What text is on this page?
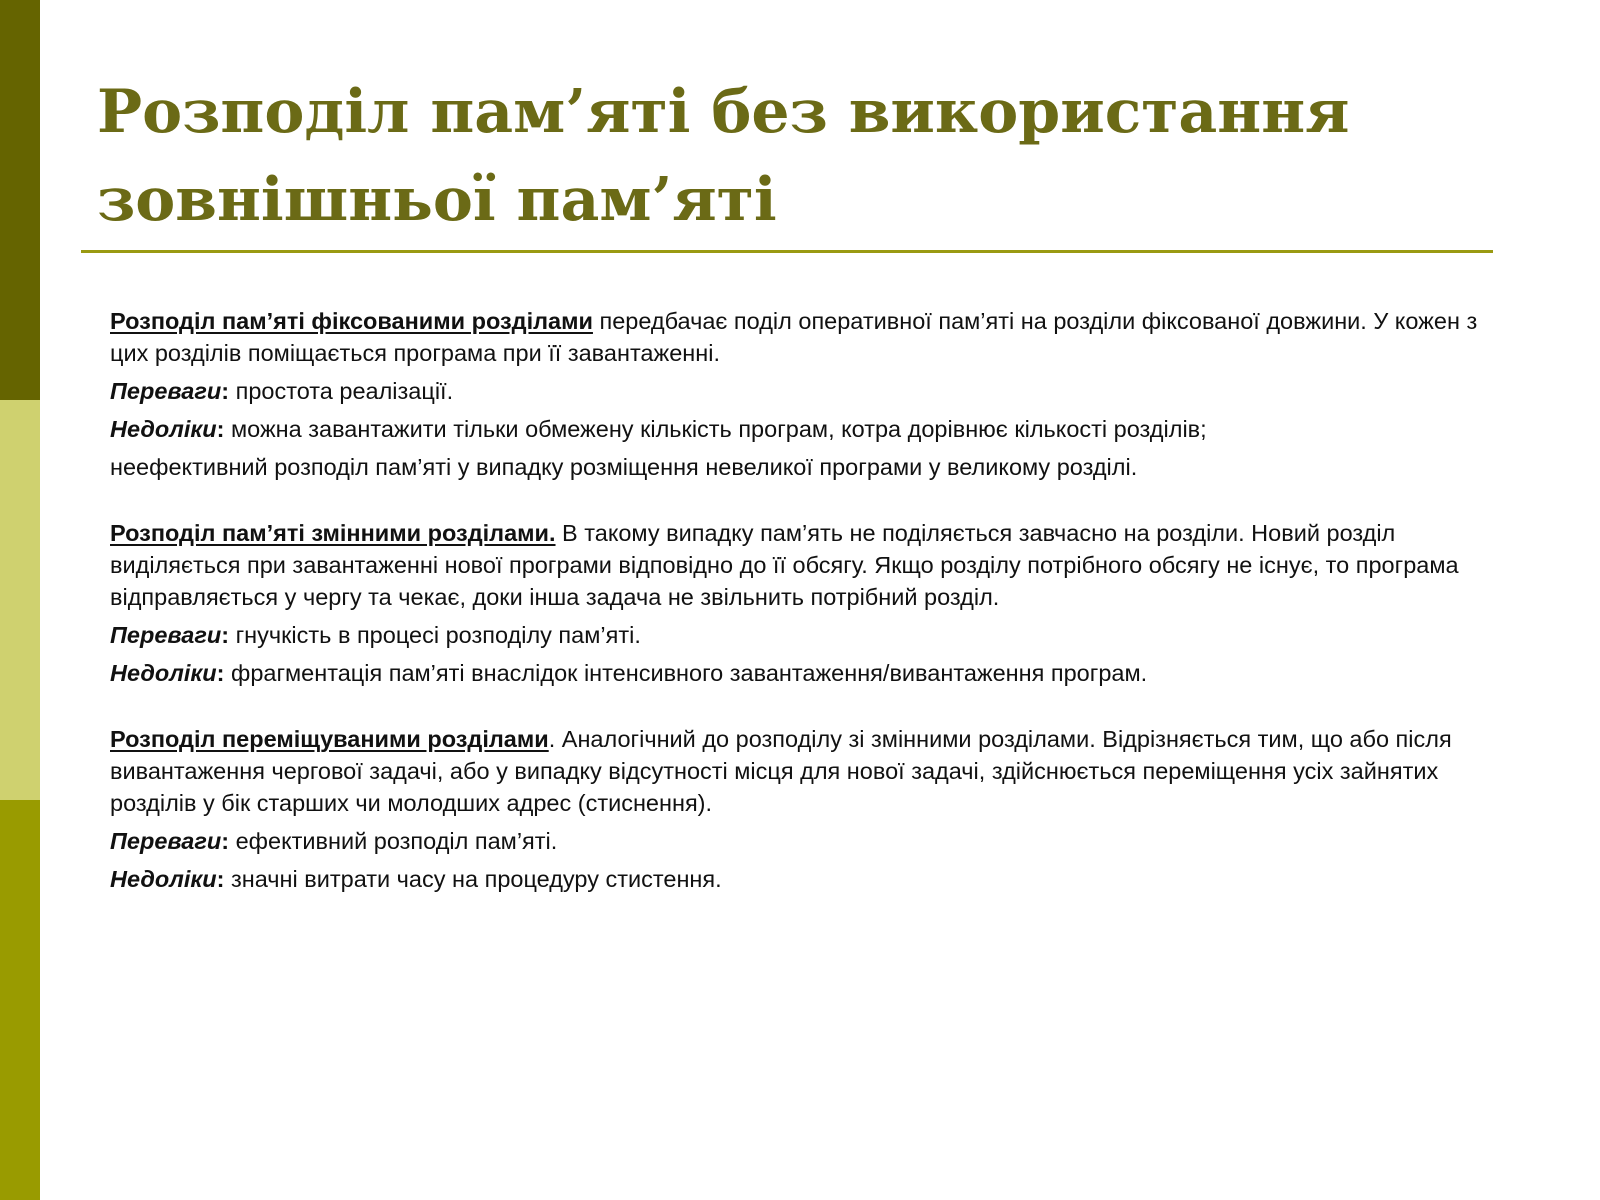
Розподіл пам’яті без використання зовнішньої пам’яті

Розподіл пам’яті фіксованими розділами передбачає поділ оперативної пам’яті на розділи фіксованої довжини. У кожен з цих розділів поміщається програма при її завантаженні.

Переваги: простота реалізації.

Недоліки: можна завантажити тільки обмежену кількість програм, котра дорівнює кількості розділів;

неефективний розподіл пам’яті у випадку розміщення невеликої програми у великому розділі.

Розподіл пам’яті змінними розділами. В такому випадку пам’ять не поділяється завчасно на розділи. Новий розділ виділяється при завантаженні нової програми відповідно до її обсягу. Якщо розділу потрібного обсягу не існує, то програма відправляється у чергу та чекає, доки інша задача не звільнить потрібний розділ.

Переваги: гнучкість в процесі розподілу пам’яті.

Недоліки: фрагментація пам’яті внаслідок інтенсивного завантаження/вивантаження програм.

Розподіл переміщуваними розділами. Аналогічний до розподілу зі змінними розділами. Відрізняється тим, що або після вивантаження чергової задачі, або у випадку відсутності місця для нової задачі, здійснюється переміщення усіх зайнятих розділів у бік старших чи молодших адрес (стиснення).

Переваги: ефективний розподіл пам’яті.

Недоліки: значні витрати часу на процедуру стистення.
